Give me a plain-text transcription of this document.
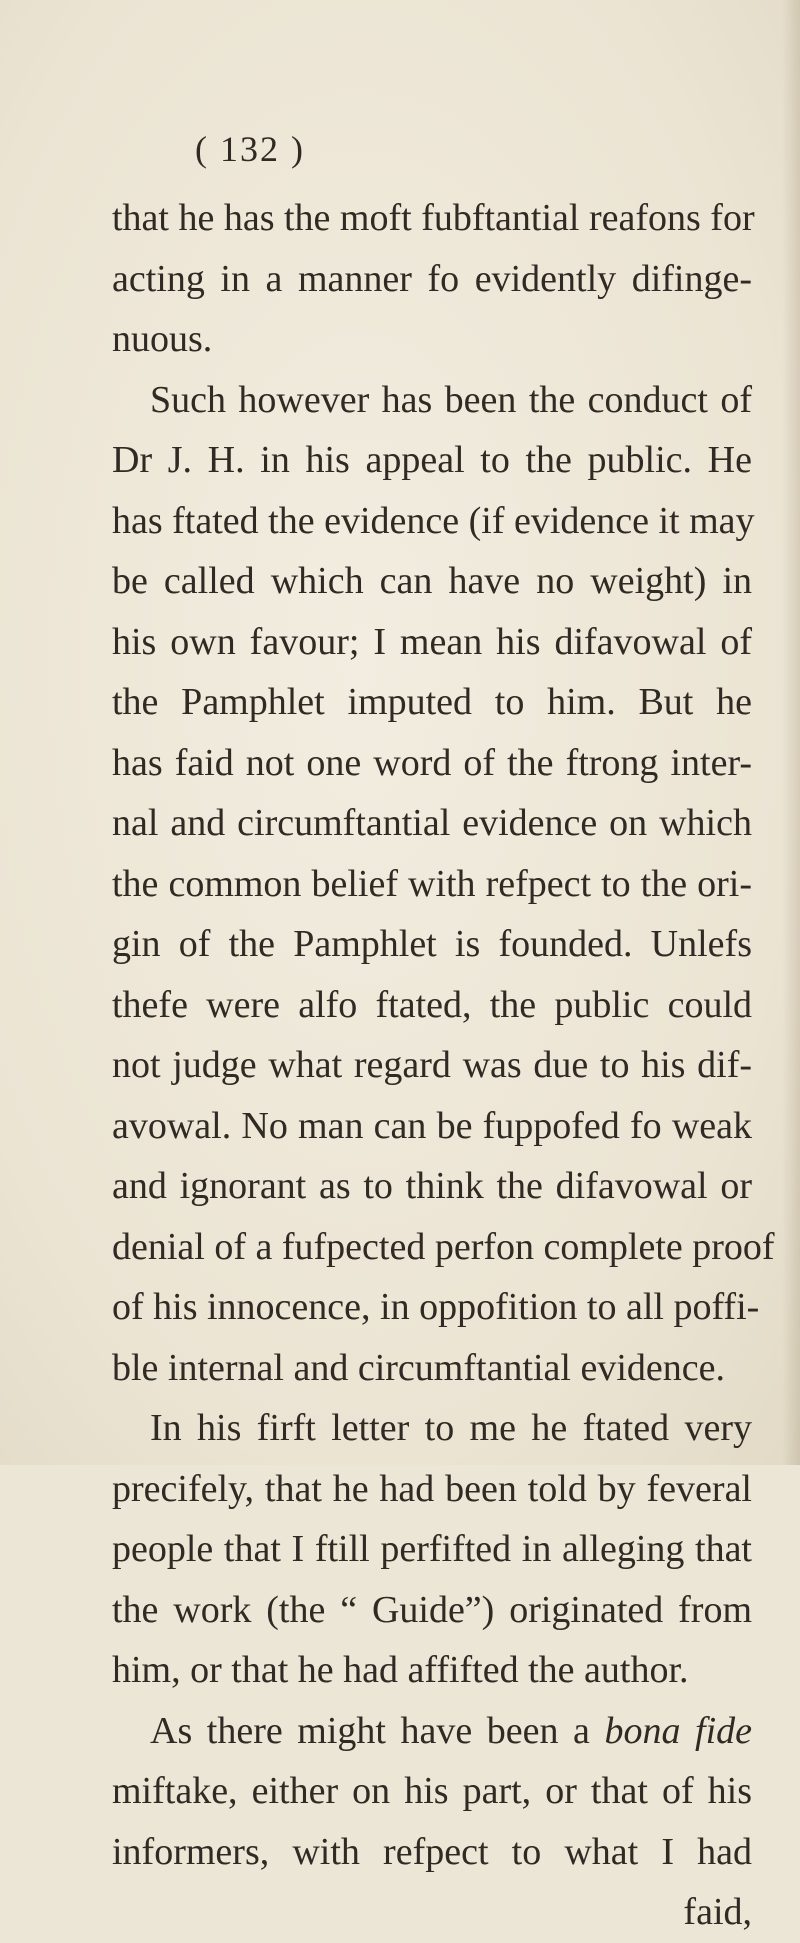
( 132 )
that he has the moft fubftantial reafons for
acting in a manner fo evidently difinge-
nuous.
Such however has been the conduct of
Dr J. H. in his appeal to the public. He
has ftated the evidence (if evidence it may
be called which can have no weight) in
his own favour; I mean his difavowal of
the Pamphlet imputed to him. But he
has faid not one word of the ftrong inter-
nal and circumftantial evidence on which
the common belief with refpect to the ori-
gin of the Pamphlet is founded. Unlefs
thefe were alfo ftated, the public could
not judge what regard was due to his dif-
avowal. No man can be fuppofed fo weak
and ignorant as to think the difavowal or
denial of a fufpected perfon complete proof
of his innocence, in oppofition to all poffi-
ble internal and circumftantial evidence.
In his firft letter to me he ftated very
precifely, that he had been told by feveral
people that I ftill perfifted in alleging that
the work (the “ Guide”) originated from
him, or that he had affifted the author.
As there might have been a bona fide
miftake, either on his part, or that of his
informers, with refpect to what I had
faid,
